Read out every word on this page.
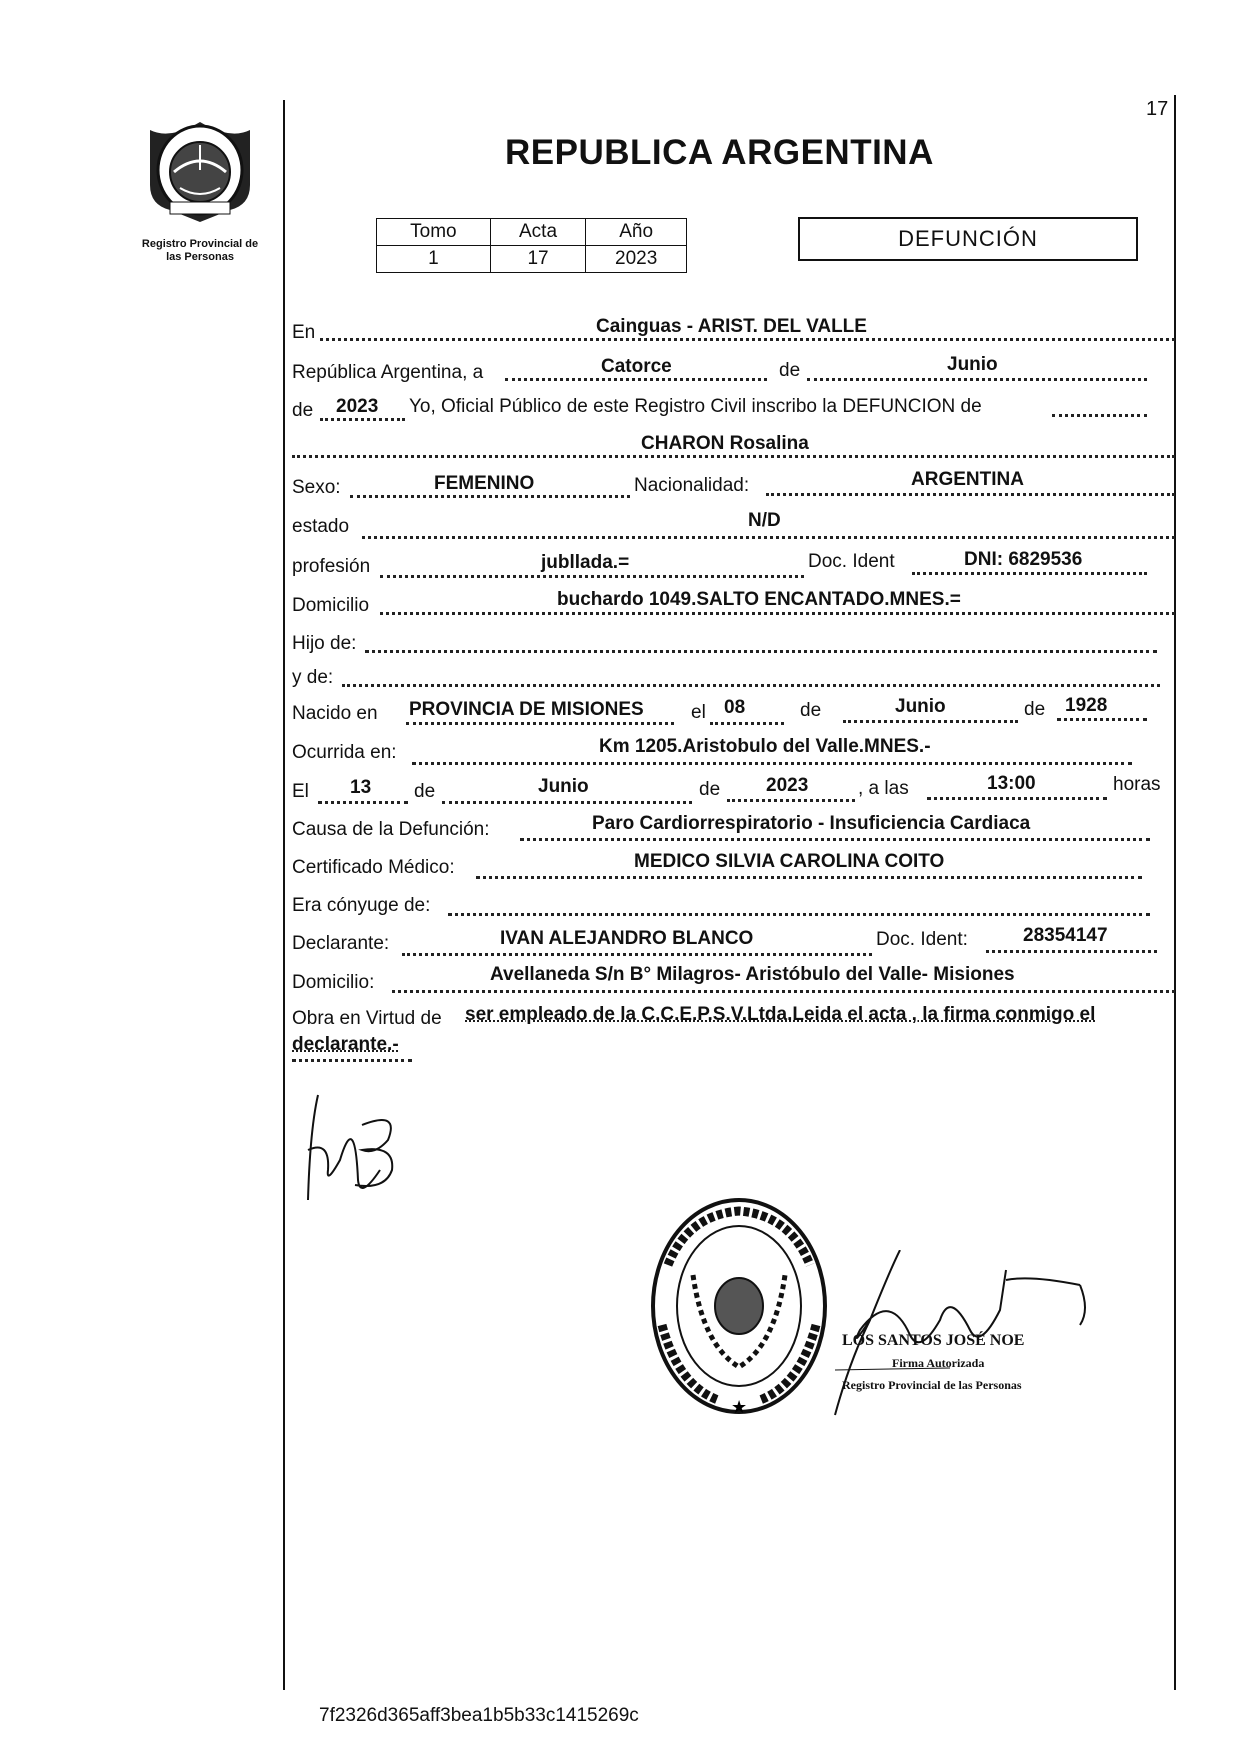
17
Registro Provincial de
las Personas
REPUBLICA ARGENTINA
Tomo	Acta	Año
1	17	2023
DEFUNCIÓN
En	Cainguas - ARIST. DEL VALLE
República Argentina, a	Catorce	de	Junio
de 2023 Yo, Oficial Público de este Registro Civil inscribo la DEFUNCION de
CHARON Rosalina
Sexo:	FEMENINO	Nacionalidad:	ARGENTINA
estado	N/D
profesión	jubllada.=	Doc. Ident	DNI: 6829536
Domicilio	buchardo 1049.SALTO ENCANTADO.MNES.=
Hijo de:
y de:
Nacido en PROVINCIA DE MISIONES el 08	de	Junio	de 1928
Ocurrida en:	Km 1205.Aristobulo del Valle.MNES.-
El 13 de	Junio	de 2023	, a las	13:00	horas
Causa de la Defunción:	Paro Cardiorrespiratorio - Insuficiencia Cardiaca
Certificado Médico:	MEDICO SILVIA CAROLINA COITO
Era cónyuge de:
Declarante:	IVAN ALEJANDRO BLANCO	Doc. Ident:	28354147
Domicilio:	Avellaneda S/n B° Milagros- Aristóbulo del Valle- Misiones
Obra en Virtud de ser empleado de la C.C.E.P.S.V.Ltda.Leida el acta , la firma conmigo el
declarante.-
★
LOS SANTOS JOSÉ NOE
Firma Autorizada
Registro Provincial de las Personas
7f2326d365aff3bea1b5b33c1415269c
